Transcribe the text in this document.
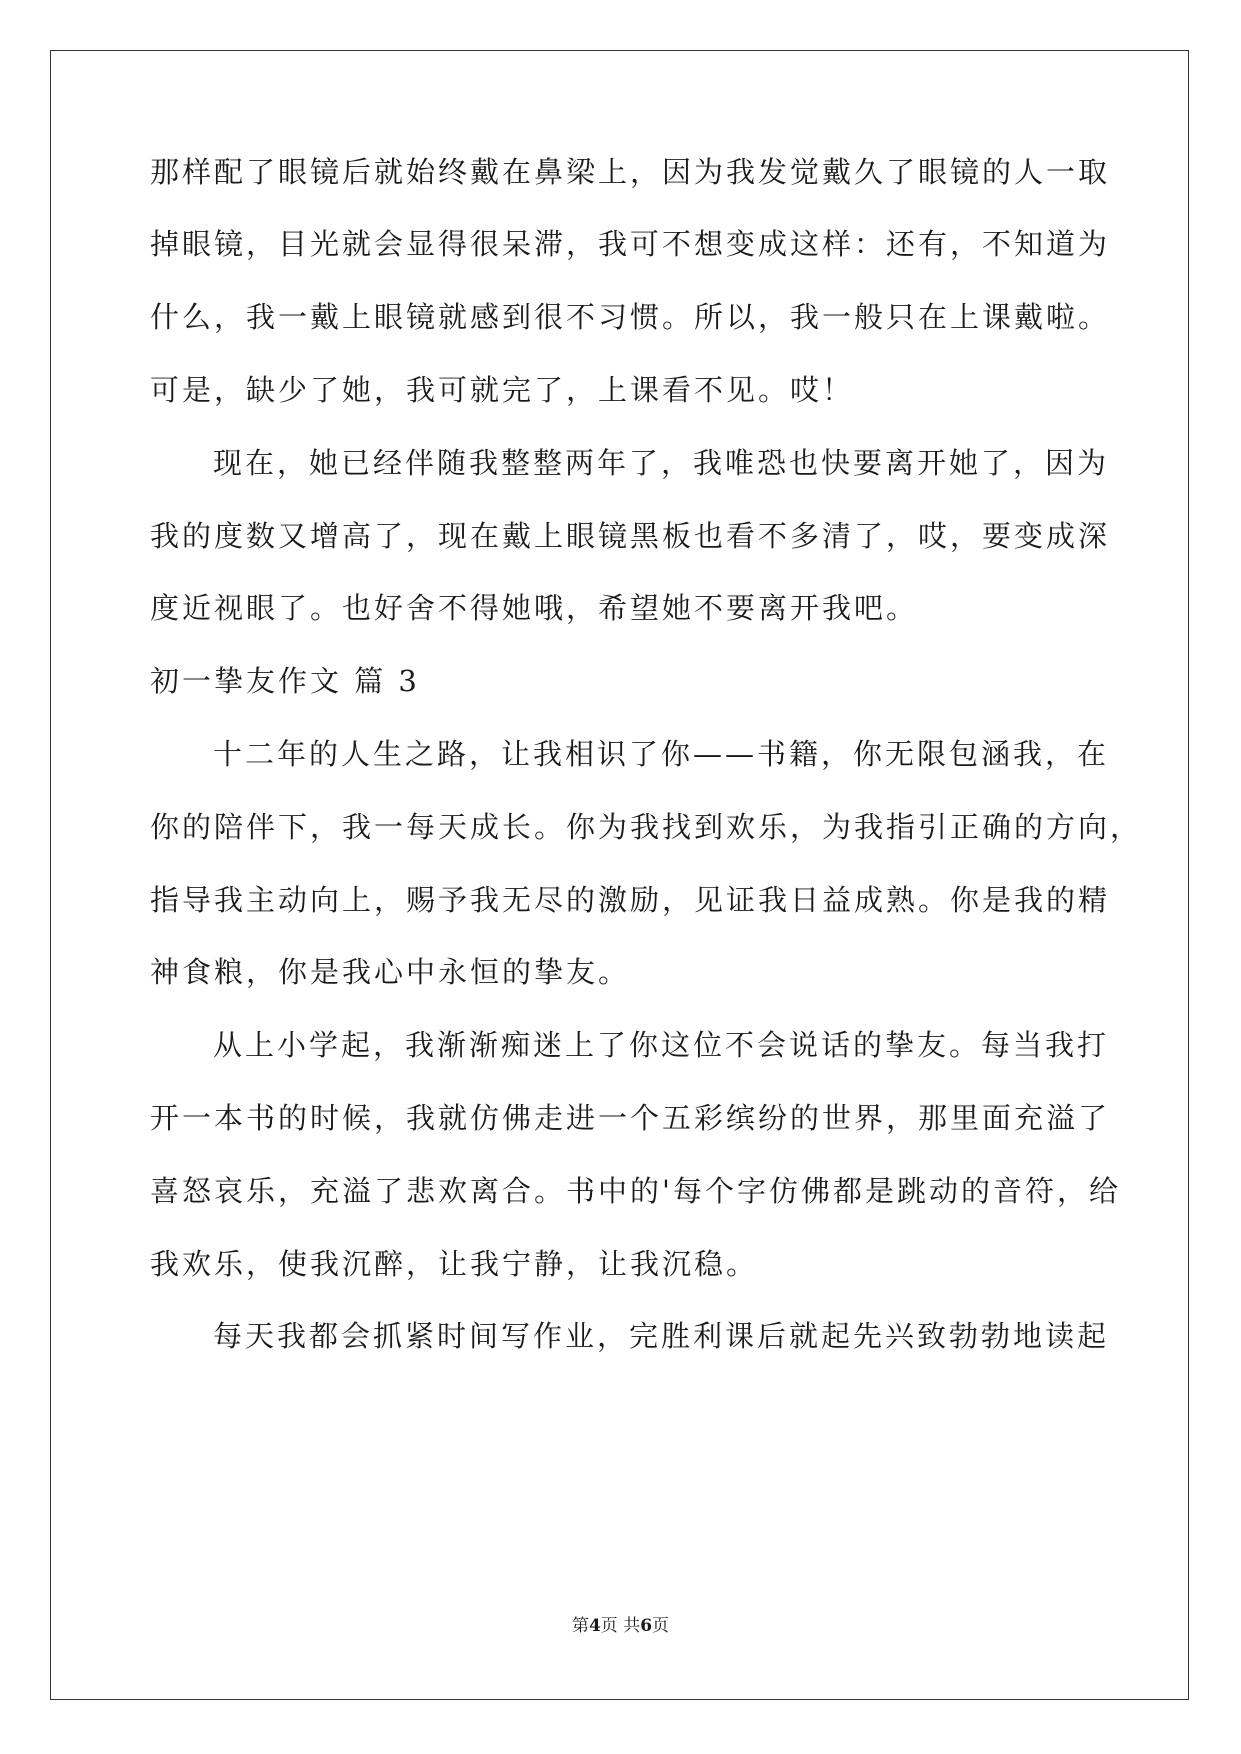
那样配了眼镜后就始终戴在鼻梁上，因为我发觉戴久了眼镜的人一取
掉眼镜，目光就会显得很呆滞，我可不想变成这样：还有，不知道为
什么，我一戴上眼镜就感到很不习惯。所以，我一般只在上课戴啦。
可是，缺少了她，我可就完了，上课看不见。哎！
现在，她已经伴随我整整两年了，我唯恐也快要离开她了，因为
我的度数又增高了，现在戴上眼镜黑板也看不多清了，哎，要变成深
度近视眼了。也好舍不得她哦，希望她不要离开我吧。
初一挚友作文 篇 3
十二年的人生之路，让我相识了你——书籍，你无限包涵我，在
你的陪伴下，我一每天成长。你为我找到欢乐，为我指引正确的方向，
指导我主动向上，赐予我无尽的激励，见证我日益成熟。你是我的精
神食粮，你是我心中永恒的挚友。
从上小学起，我渐渐痴迷上了你这位不会说话的挚友。每当我打
开一本书的时候，我就仿佛走进一个五彩缤纷的世界，那里面充溢了
喜怒哀乐，充溢了悲欢离合。书中的'每个字仿佛都是跳动的音符，给
我欢乐，使我沉醉，让我宁静，让我沉稳。
每天我都会抓紧时间写作业，完胜利课后就起先兴致勃勃地读起
第4页 共6页
